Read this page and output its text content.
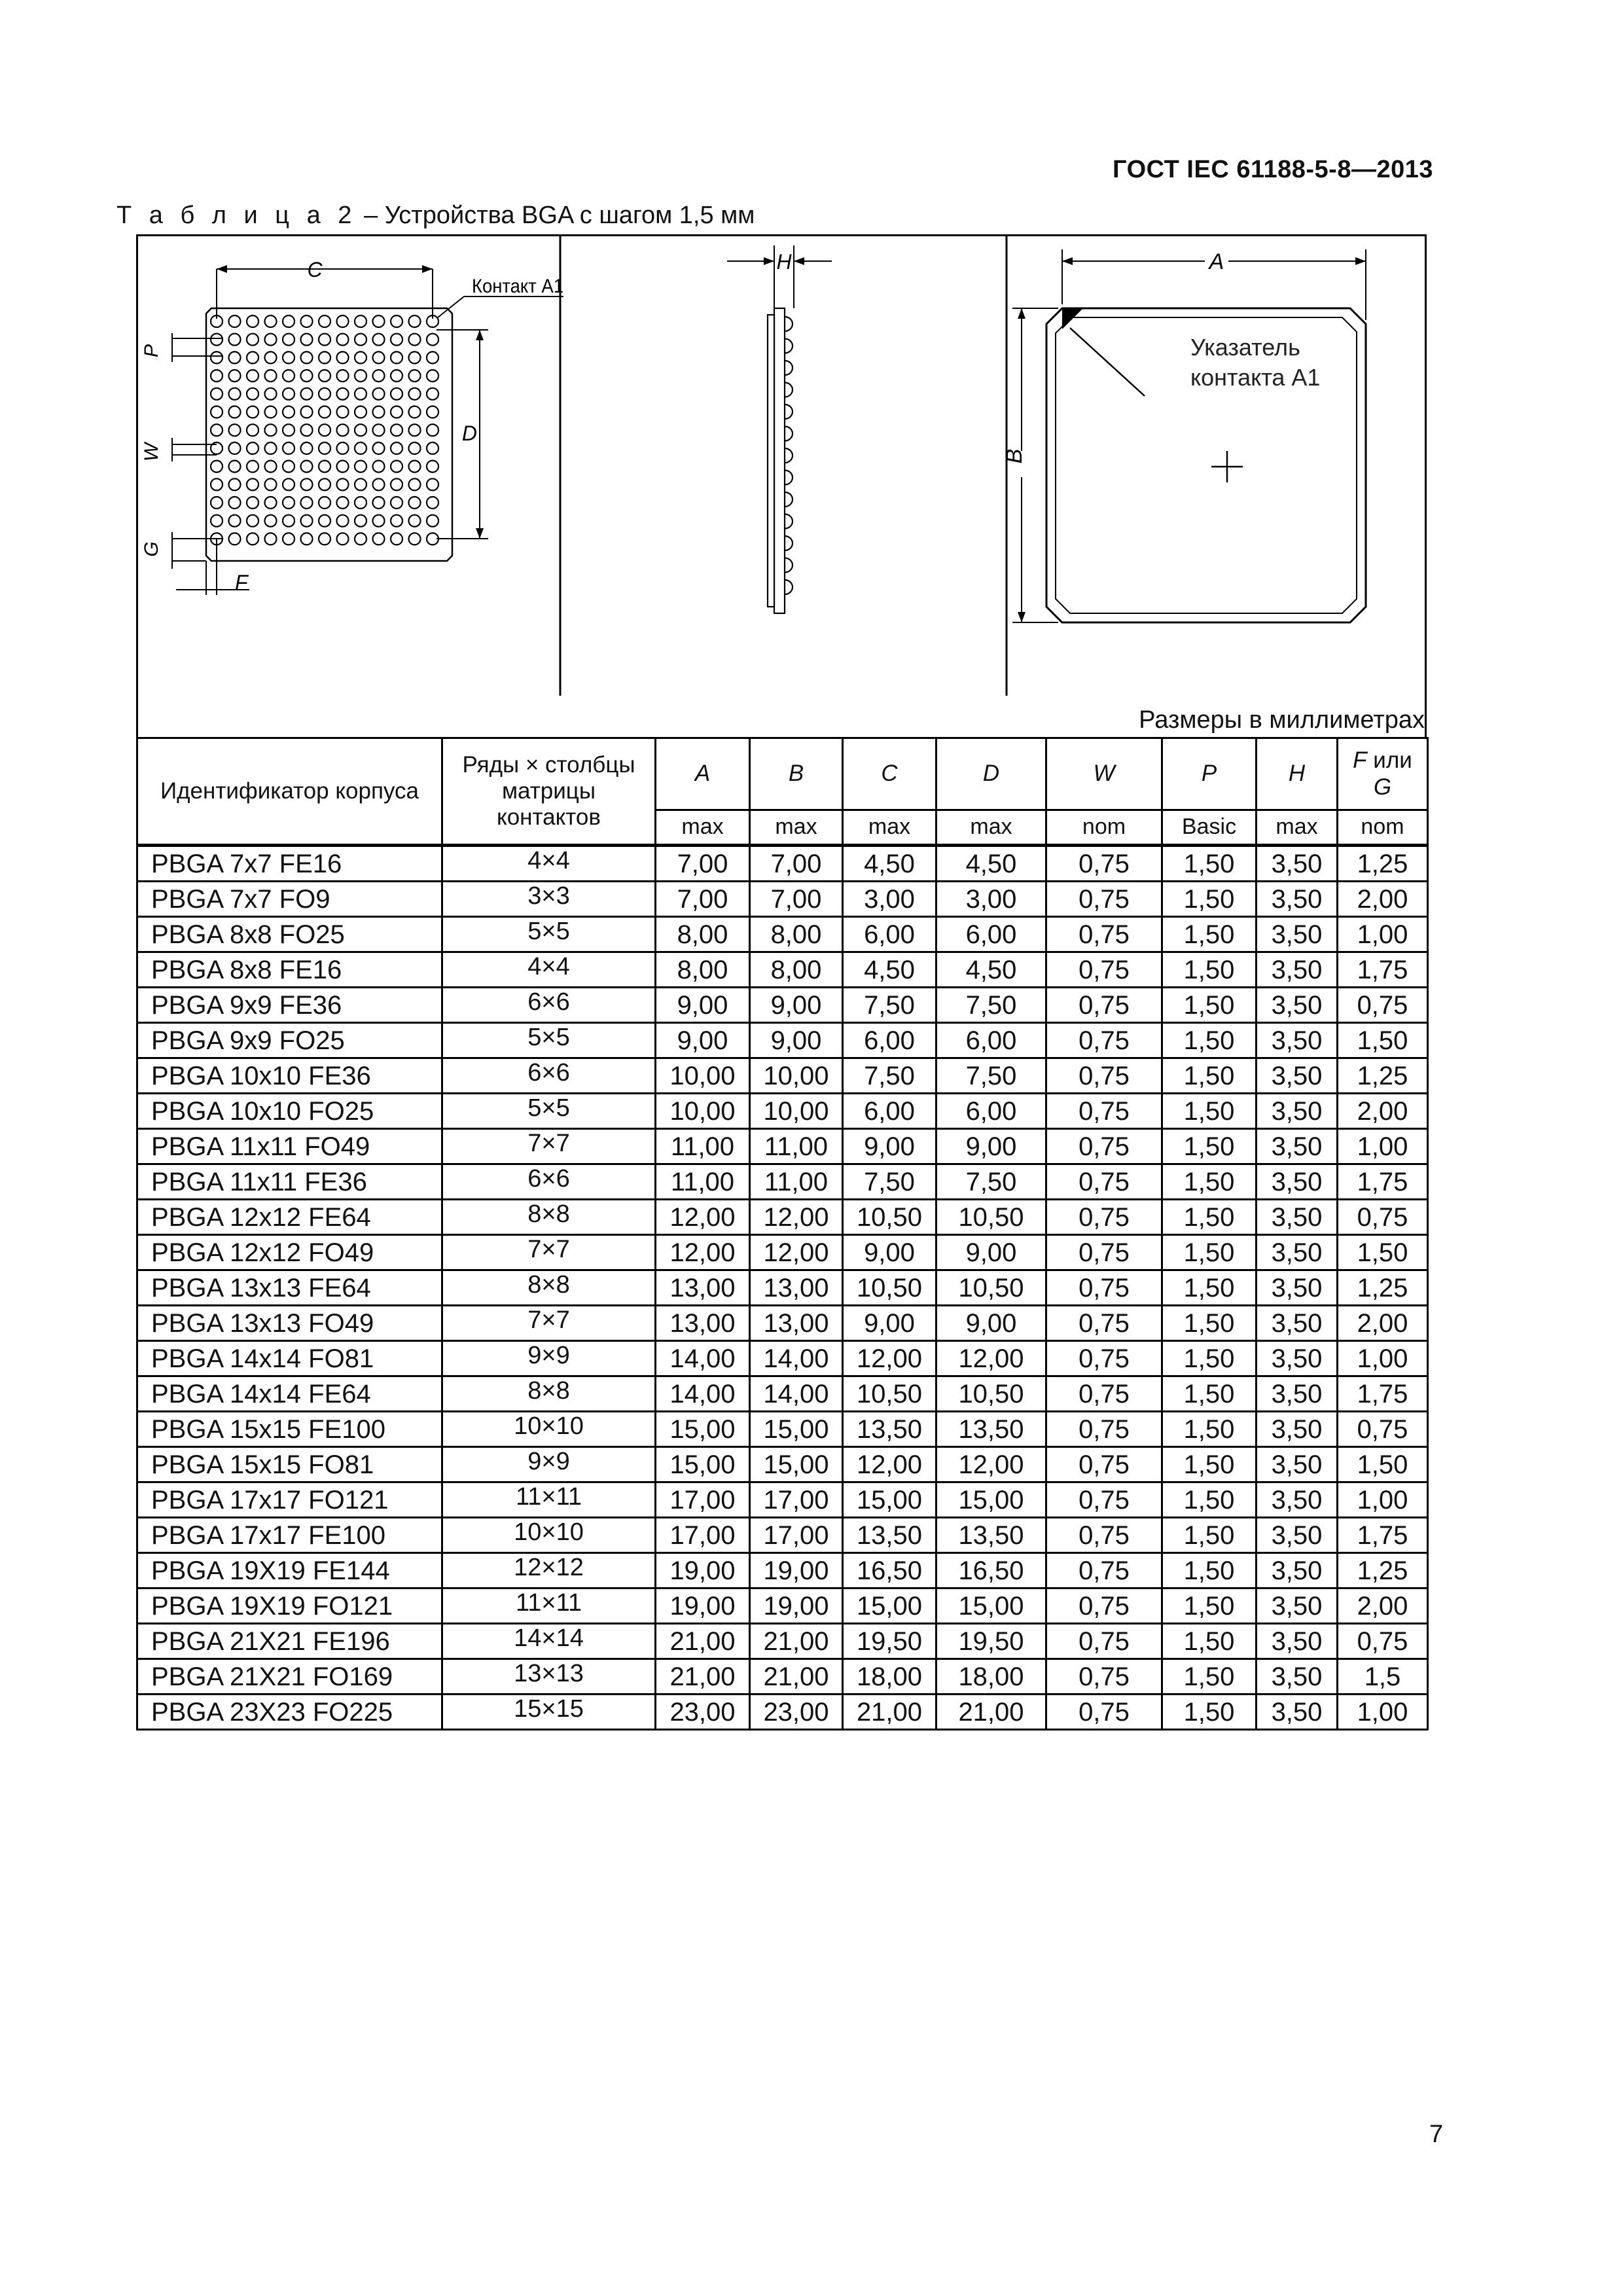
ГОСТ IEC 61188-5-8—2013
Т а б л и ц а 2 – Устройства BGA с шагом 1,5 мм
C
Контакт A1
D
P
W
G
F
H	A
B
Указатель
контакта A1
Размеры в миллиметрах
Идентификатор корпуса	Ряды × столбцы матрицы контактов	A	B	C	D	W	P	H	F или
G
		max	max	max	max	nom	Basic	max	nom
PBGA 7x7 FE16	4×4	7,00	7,00	4,50	4,50	0,75	1,50	3,50	1,25
PBGA 7x7 FO9	3×3	7,00	7,00	3,00	3,00	0,75	1,50	3,50	2,00
PBGA 8x8 FO25	5×5	8,00	8,00	6,00	6,00	0,75	1,50	3,50	1,00
PBGA 8x8 FE16	4×4	8,00	8,00	4,50	4,50	0,75	1,50	3,50	1,75
PBGA 9x9 FE36	6×6	9,00	9,00	7,50	7,50	0,75	1,50	3,50	0,75
PBGA 9x9 FO25	5×5	9,00	9,00	6,00	6,00	0,75	1,50	3,50	1,50
PBGA 10x10 FE36	6×6	10,00	10,00	7,50	7,50	0,75	1,50	3,50	1,25
PBGA 10x10 FO25	5×5	10,00	10,00	6,00	6,00	0,75	1,50	3,50	2,00
PBGA 11x11 FO49	7×7	11,00	11,00	9,00	9,00	0,75	1,50	3,50	1,00
PBGA 11x11 FE36	6×6	11,00	11,00	7,50	7,50	0,75	1,50	3,50	1,75
PBGA 12x12 FE64	8×8	12,00	12,00	10,50	10,50	0,75	1,50	3,50	0,75
PBGA 12x12 FO49	7×7	12,00	12,00	9,00	9,00	0,75	1,50	3,50	1,50
PBGA 13x13 FE64	8×8	13,00	13,00	10,50	10,50	0,75	1,50	3,50	1,25
PBGA 13x13 FO49	7×7	13,00	13,00	9,00	9,00	0,75	1,50	3,50	2,00
PBGA 14x14 FO81	9×9	14,00	14,00	12,00	12,00	0,75	1,50	3,50	1,00
PBGA 14x14 FE64	8×8	14,00	14,00	10,50	10,50	0,75	1,50	3,50	1,75
PBGA 15x15 FE100	10×10	15,00	15,00	13,50	13,50	0,75	1,50	3,50	0,75
PBGA 15x15 FO81	9×9	15,00	15,00	12,00	12,00	0,75	1,50	3,50	1,50
PBGA 17x17 FO121	11×11	17,00	17,00	15,00	15,00	0,75	1,50	3,50	1,00
PBGA 17x17 FE100	10×10	17,00	17,00	13,50	13,50	0,75	1,50	3,50	1,75
PBGA 19X19 FE144	12×12	19,00	19,00	16,50	16,50	0,75	1,50	3,50	1,25
PBGA 19X19 FO121	11×11	19,00	19,00	15,00	15,00	0,75	1,50	3,50	2,00
PBGA 21X21 FE196	14×14	21,00	21,00	19,50	19,50	0,75	1,50	3,50	0,75
PBGA 21X21 FO169	13×13	21,00	21,00	18,00	18,00	0,75	1,50	3,50	1,5
PBGA 23X23 FO225	15×15	23,00	23,00	21,00	21,00	0,75	1,50	3,50	1,00
7
